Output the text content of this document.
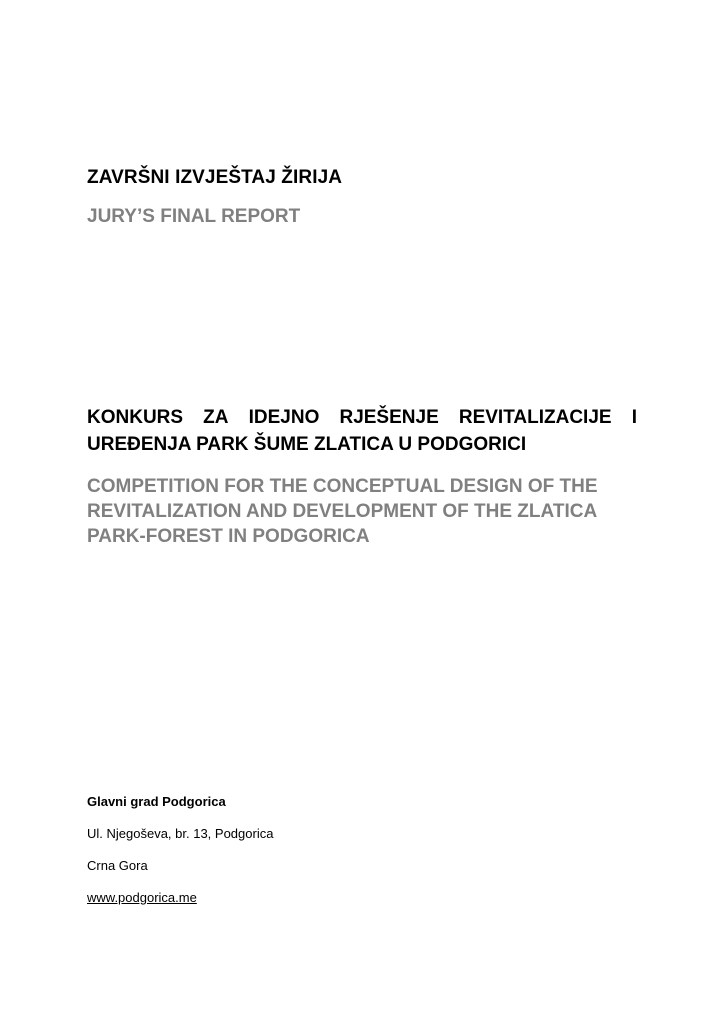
ZAVRŠNI IZVJEŠTAJ ŽIRIJA
JURY’S FINAL REPORT
KONKURS ZA IDEJNO RJEŠENJE REVITALIZACIJE I
UREĐENJA PARK ŠUME ZLATICA U PODGORICI
COMPETITION FOR THE CONCEPTUAL DESIGN OF THE
REVITALIZATION AND DEVELOPMENT OF THE ZLATICA
PARK-FOREST IN PODGORICA
Glavni grad Podgorica
Ul. Njegoševa, br. 13, Podgorica
Crna Gora
www.podgorica.me
